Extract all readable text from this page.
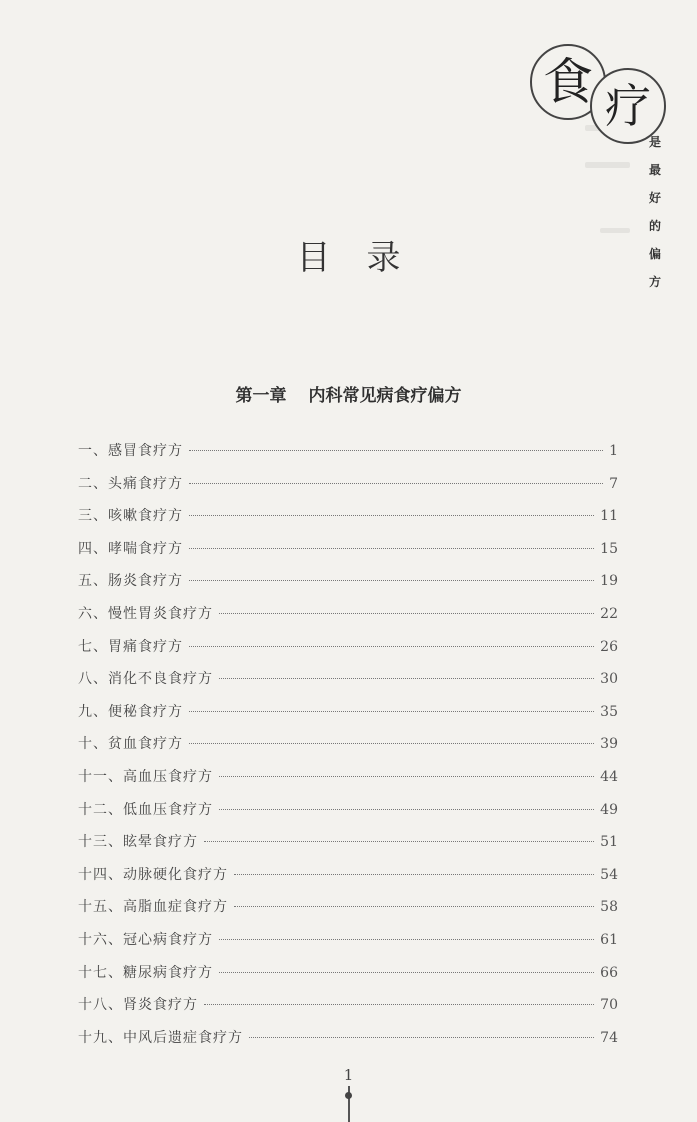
食 疗

是
最
好
的
偏
方

目录
第一章 内科常见病食疗偏方
一、感冒食疗方	1
二、头痛食疗方	7
三、咳嗽食疗方	11
四、哮喘食疗方	15
五、肠炎食疗方	19
六、慢性胃炎食疗方	22
七、胃痛食疗方	26
八、消化不良食疗方	30
九、便秘食疗方	35
十、贫血食疗方	39
十一、高血压食疗方	44
十二、低血压食疗方	49
十三、眩晕食疗方	51
十四、动脉硬化食疗方	54
十五、高脂血症食疗方	58
十六、冠心病食疗方	61
十七、糖尿病食疗方	66
十八、肾炎食疗方	70
十九、中风后遗症食疗方	74

1
